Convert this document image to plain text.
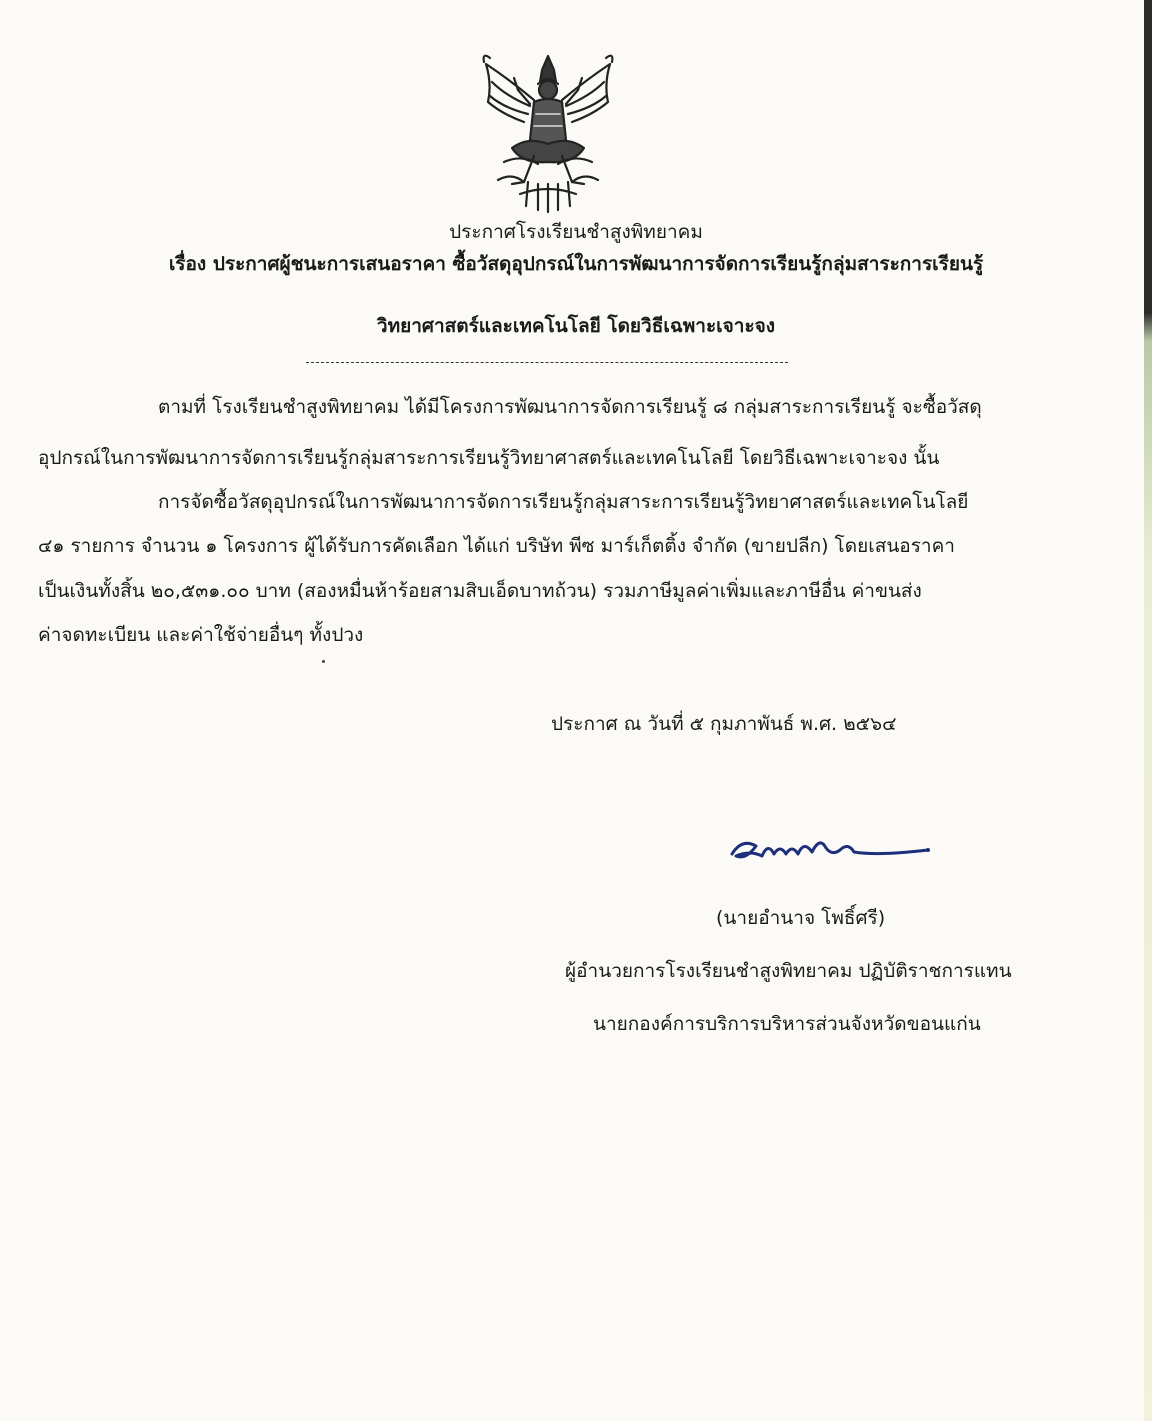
ประกาศโรงเรียนชำสูงพิทยาคม
เรื่อง ประกาศผู้ชนะการเสนอราคา ซื้อวัสดุอุปกรณ์ในการพัฒนาการจัดการเรียนรู้กลุ่มสาระการเรียนรู้
วิทยาศาสตร์และเทคโนโลยี โดยวิธีเฉพาะเจาะจง
ตามที่ โรงเรียนชำสูงพิทยาคม ได้มีโครงการพัฒนาการจัดการเรียนรู้ ๘ กลุ่มสาระการเรียนรู้ จะซื้อวัสดุ
อุปกรณ์ในการพัฒนาการจัดการเรียนรู้กลุ่มสาระการเรียนรู้วิทยาศาสตร์และเทคโนโลยี โดยวิธีเฉพาะเจาะจง นั้น
การจัดซื้อวัสดุอุปกรณ์ในการพัฒนาการจัดการเรียนรู้กลุ่มสาระการเรียนรู้วิทยาศาสตร์และเทคโนโลยี
๔๑ รายการ จำนวน ๑ โครงการ ผู้ได้รับการคัดเลือก ได้แก่ บริษัท พีซ มาร์เก็ตติ้ง จำกัด (ขายปลีก) โดยเสนอราคา
เป็นเงินทั้งสิ้น ๒๐,๕๓๑.๐๐ บาท (สองหมื่นห้าร้อยสามสิบเอ็ดบาทถ้วน) รวมภาษีมูลค่าเพิ่มและภาษีอื่น ค่าขนส่ง
ค่าจดทะเบียน และค่าใช้จ่ายอื่นๆ ทั้งปวง
ประกาศ ณ วันที่ ๕ กุมภาพันธ์ พ.ศ. ๒๕๖๔
(นายอำนาจ โพธิ์ศรี)
ผู้อำนวยการโรงเรียนชำสูงพิทยาคม ปฏิบัติราชการแทน
นายกองค์การบริการบริหารส่วนจังหวัดขอนแก่น
